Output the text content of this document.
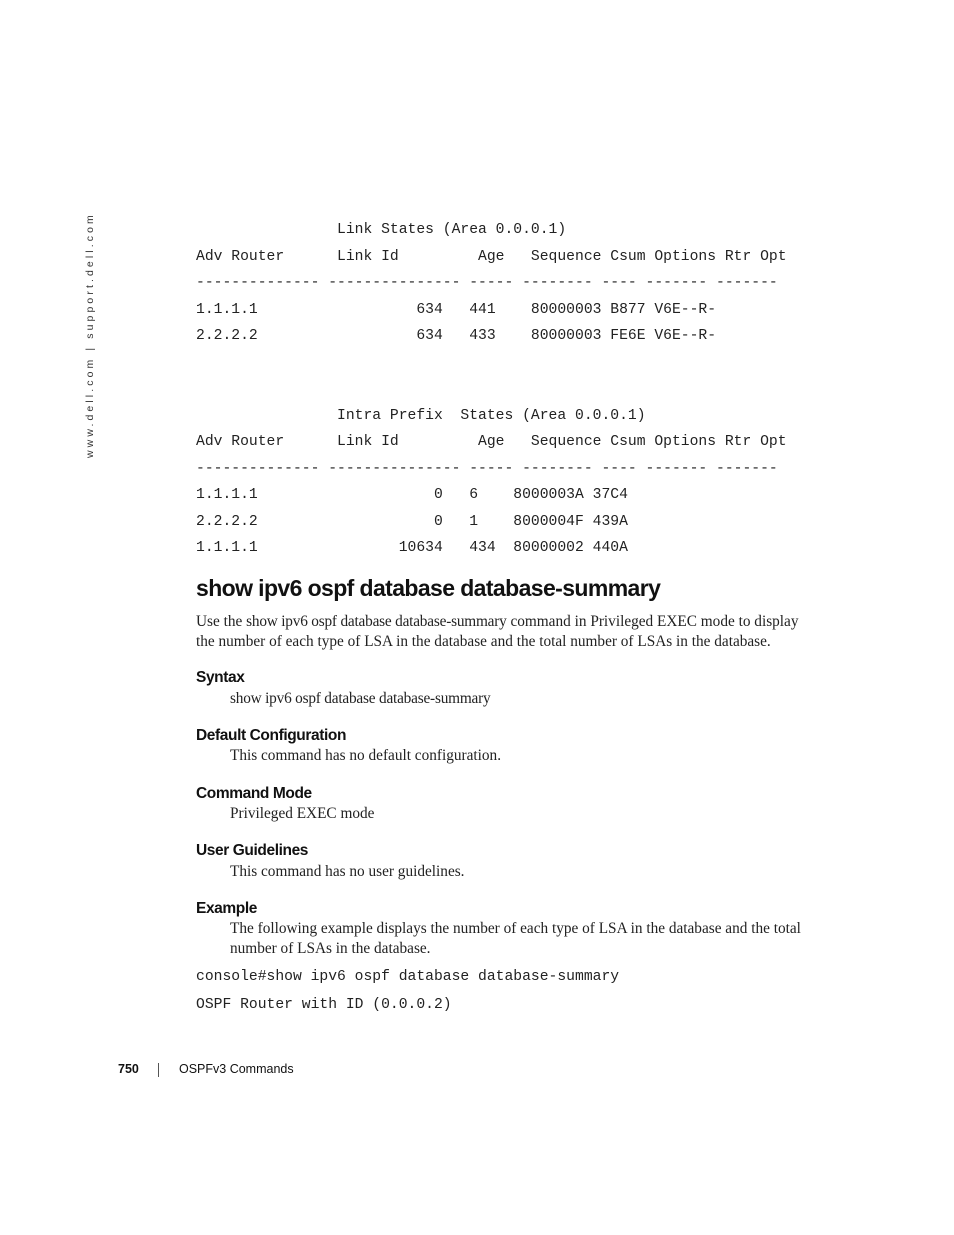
www.dell.com | support.dell.com	Link States (Area 0.0.0.1)
Adv Router      Link Id         Age   Sequence Csum Options Rtr Opt
-------------- --------------- ----- -------- ---- ------- -------
1.1.1.1                  634   441    80000003 B877 V6E--R-
2.2.2.2                  634   433    80000003 FE6E V6E--R-
Intra Prefix  States (Area 0.0.0.1)
Adv Router      Link Id         Age   Sequence Csum Options Rtr Opt
-------------- --------------- ----- -------- ---- ------- -------
1.1.1.1                    0   6    8000003A 37C4
2.2.2.2                    0   1    8000004F 439A
1.1.1.1                10634   434  80000002 440A
show ipv6 ospf database database-summary

Use the show ipv6 ospf database database-summary command in Privileged EXEC mode to display the number of each type of LSA in the database and the total number of LSAs in the database.

Syntax

show ipv6 ospf database database-summary

Default Configuration

This command has no default configuration.

Command Mode

Privileged EXEC mode

User Guidelines

This command has no user guidelines.

Example

The following example displays the number of each type of LSA in the database and the total number of LSAs in the database.

console#show ipv6 ospf database database-summary
OSPF Router with ID (0.0.0.2)
750	OSPFv3 Commands
